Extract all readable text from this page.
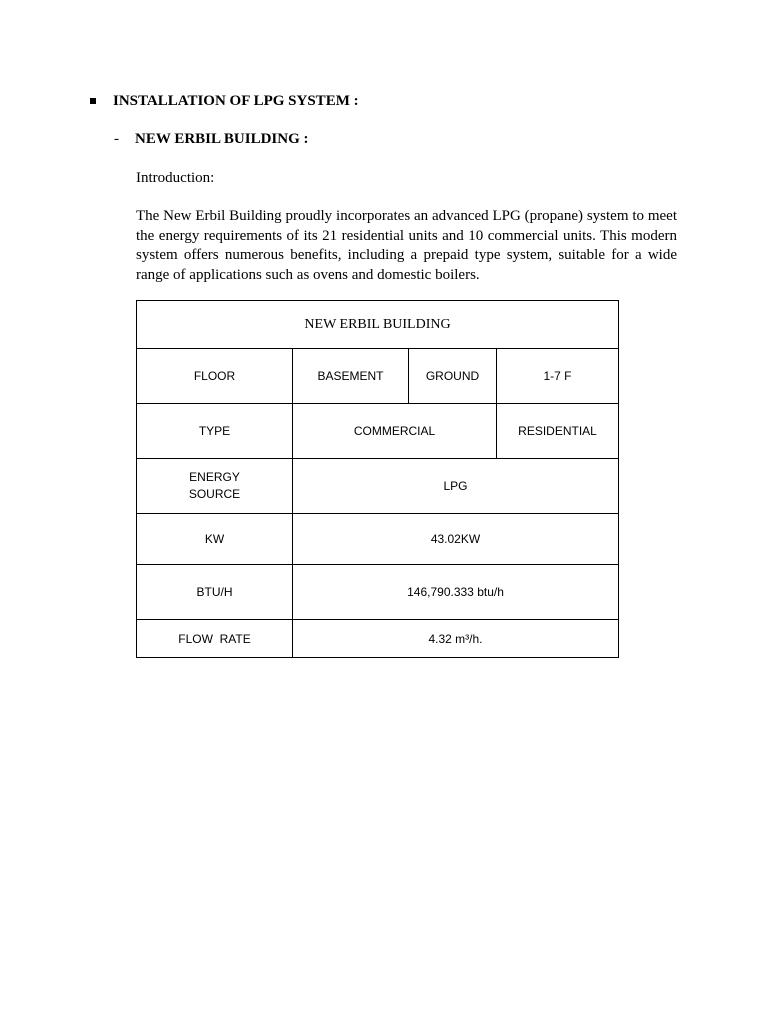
INSTALLATION OF LPG SYSTEM :
-	NEW ERBIL BUILDING :
Introduction:

The New Erbil Building proudly incorporates an advanced LPG (propane) system to meet the energy requirements of its 21 residential units and 10 commercial units. This modern system offers numerous benefits, including a prepaid type system, suitable for a wide range of applications such as ovens and domestic boilers.

NEW ERBIL BUILDING			
FLOOR	BASEMENT	GROUND	1-7 F
TYPE	COMMERCIAL		RESIDENTIAL
ENERGY
SOURCE	LPG		
KW	43.02KW		
BTU/H	146,790.333 btu/h		
FLOW  RATE	4.32 m³/h.		
